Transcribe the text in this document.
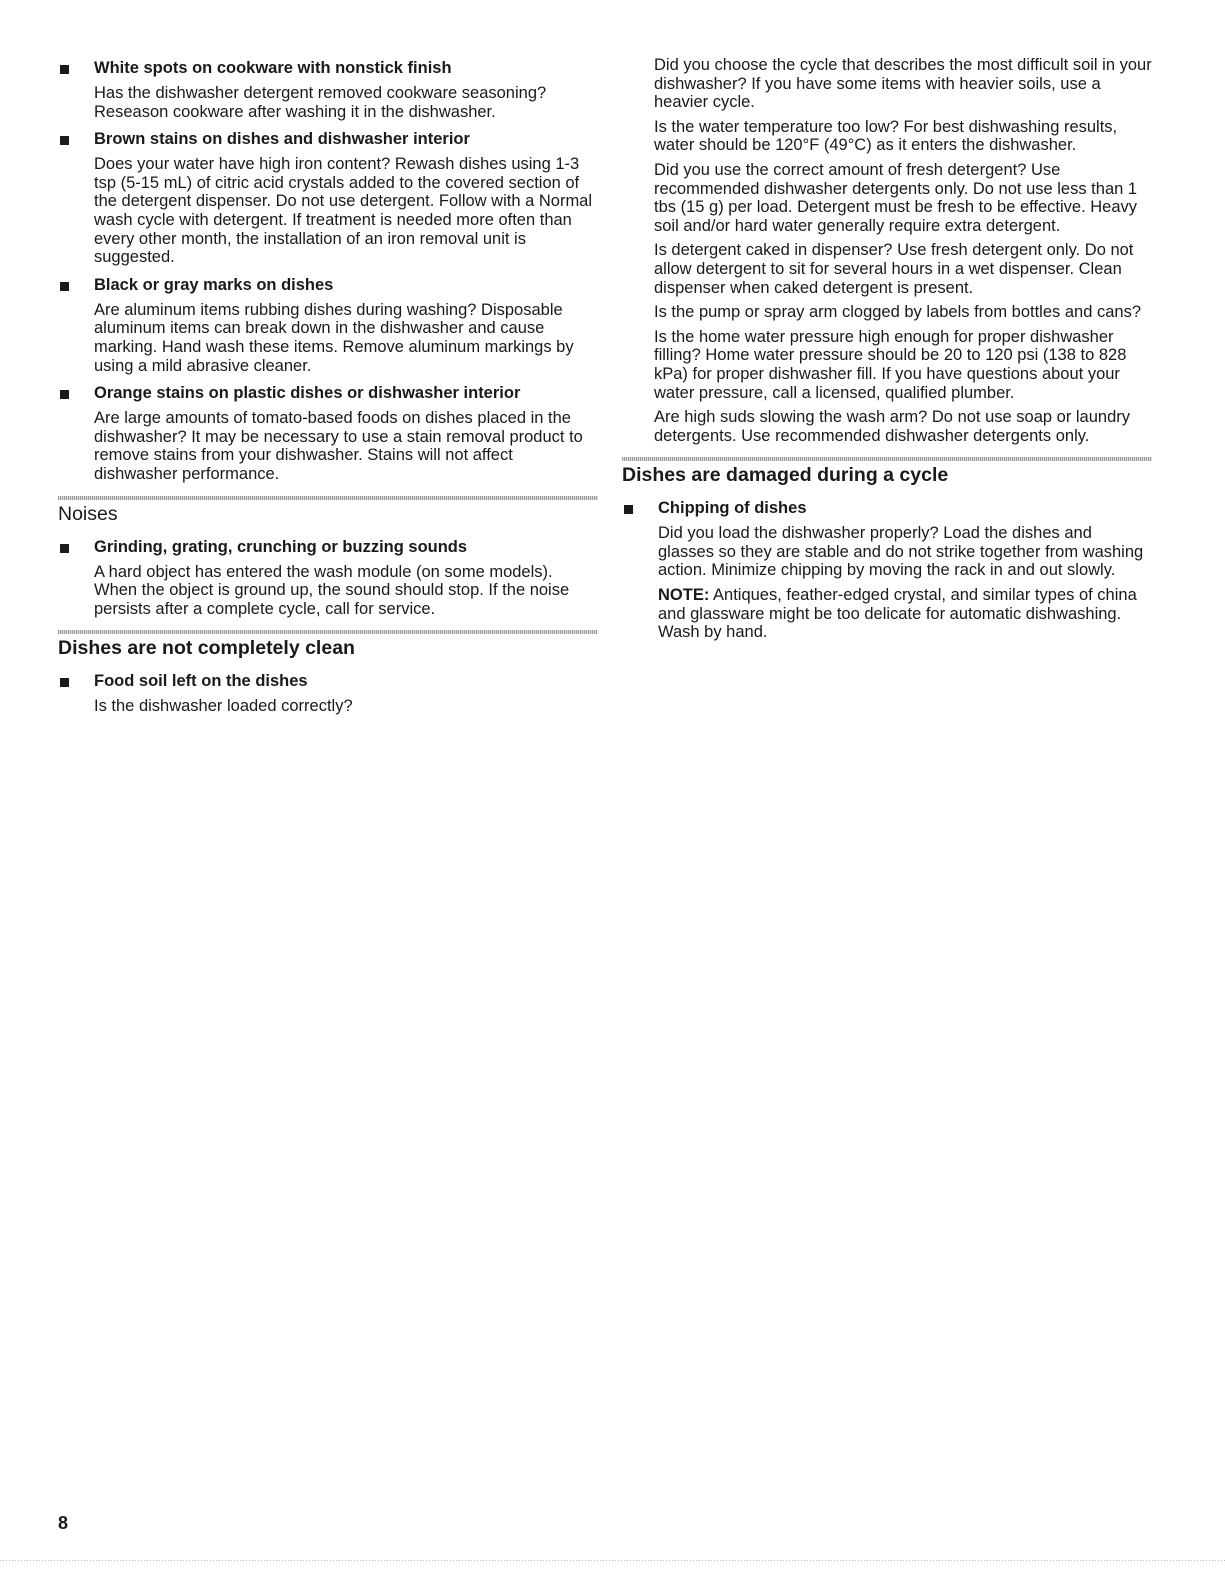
White spots on cookware with nonstick finish
Has the dishwasher detergent removed cookware seasoning? Reseason cookware after washing it in the dishwasher.
Brown stains on dishes and dishwasher interior
Does your water have high iron content? Rewash dishes using 1-3 tsp (5-15 mL) of citric acid crystals added to the covered section of the detergent dispenser. Do not use detergent. Follow with a Normal wash cycle with detergent. If treatment is needed more often than every other month, the installation of an iron removal unit is suggested.
Black or gray marks on dishes
Are aluminum items rubbing dishes during washing? Disposable aluminum items can break down in the dishwasher and cause marking. Hand wash these items. Remove aluminum markings by using a mild abrasive cleaner.
Orange stains on plastic dishes or dishwasher interior
Are large amounts of tomato-based foods on dishes placed in the dishwasher? It may be necessary to use a stain removal product to remove stains from your dishwasher. Stains will not affect dishwasher performance.
Noises
Grinding, grating, crunching or buzzing sounds
A hard object has entered the wash module (on some models). When the object is ground up, the sound should stop. If the noise persists after a complete cycle, call for service.
Dishes are not completely clean
Food soil left on the dishes
Is the dishwasher loaded correctly?
Did you choose the cycle that describes the most difficult soil in your dishwasher? If you have some items with heavier soils, use a heavier cycle.
Is the water temperature too low? For best dishwashing results, water should be 120°F (49°C) as it enters the dishwasher.
Did you use the correct amount of fresh detergent? Use recommended dishwasher detergents only. Do not use less than 1 tbs (15 g) per load. Detergent must be fresh to be effective. Heavy soil and/or hard water generally require extra detergent.
Is detergent caked in dispenser? Use fresh detergent only. Do not allow detergent to sit for several hours in a wet dispenser. Clean dispenser when caked detergent is present.
Is the pump or spray arm clogged by labels from bottles and cans?
Is the home water pressure high enough for proper dishwasher filling? Home water pressure should be 20 to 120 psi (138 to 828 kPa) for proper dishwasher fill. If you have questions about your water pressure, call a licensed, qualified plumber.
Are high suds slowing the wash arm? Do not use soap or laundry detergents. Use recommended dishwasher detergents only.
Dishes are damaged during a cycle
Chipping of dishes
Did you load the dishwasher properly? Load the dishes and glasses so they are stable and do not strike together from washing action. Minimize chipping by moving the rack in and out slowly.
NOTE: Antiques, feather-edged crystal, and similar types of china and glassware might be too delicate for automatic dishwashing. Wash by hand.
8
